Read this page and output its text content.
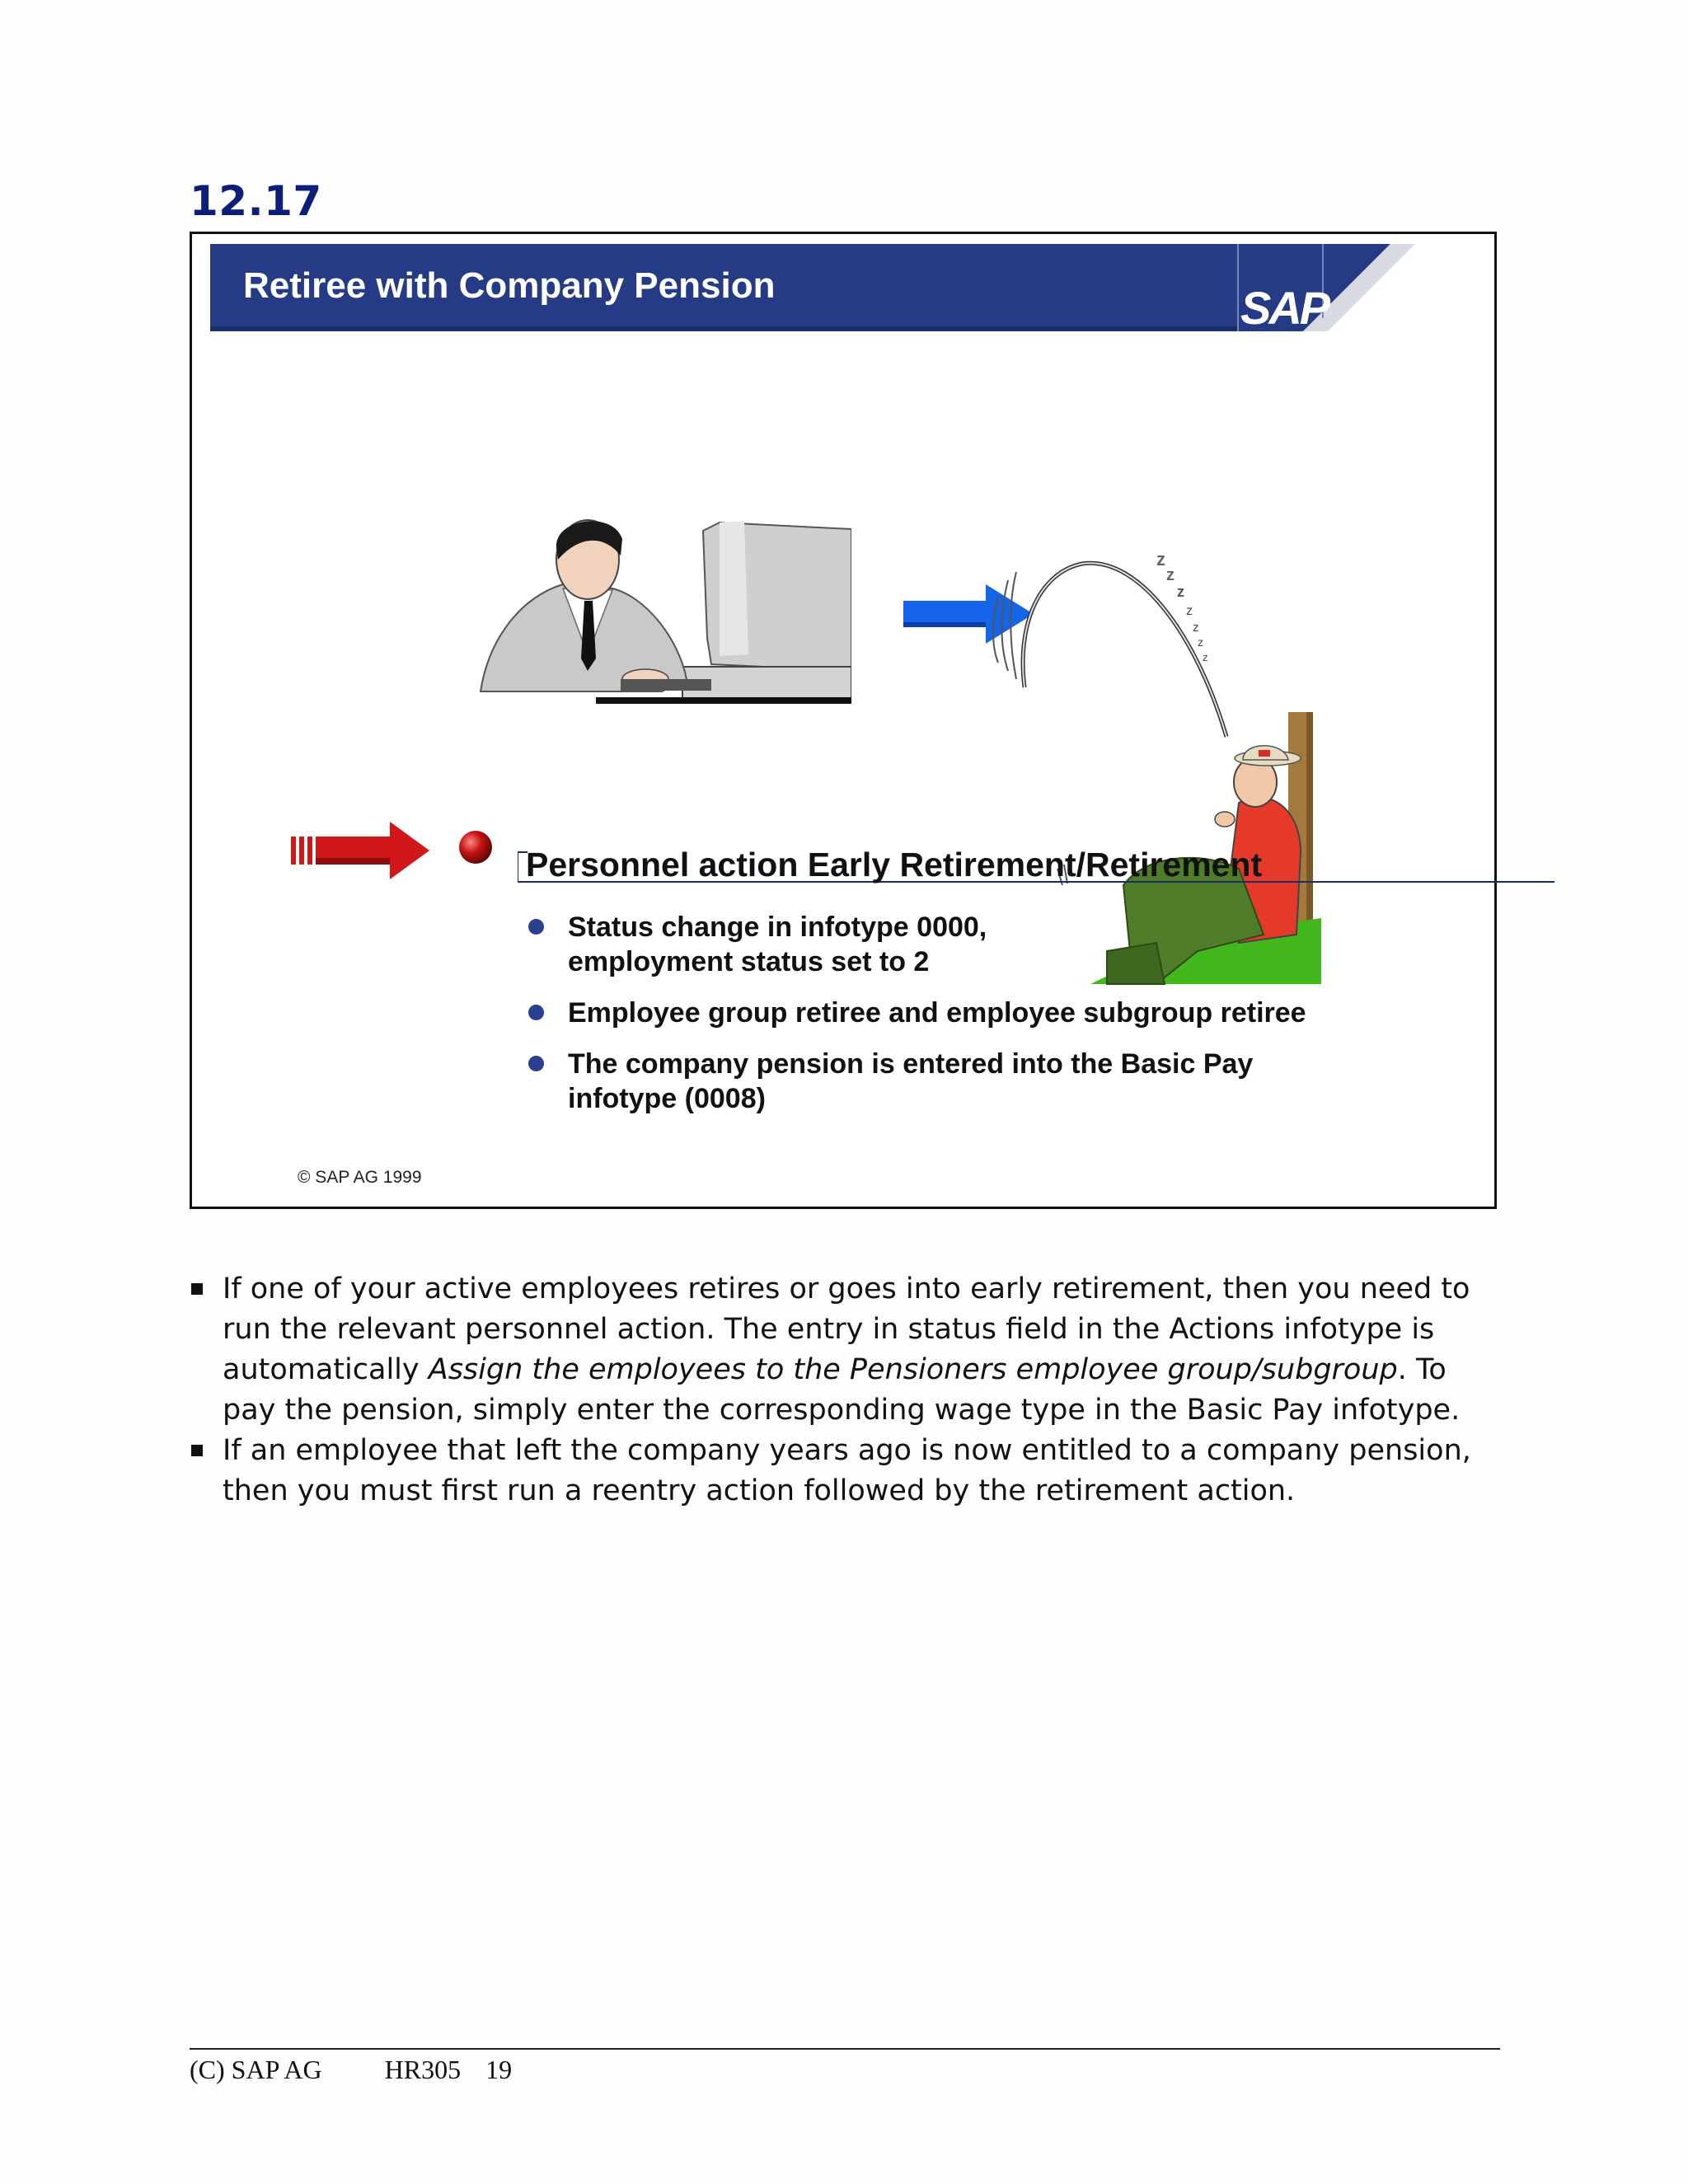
12.17
Retiree with Company Pension	SAP
z
z
z
z
z
z
z
Personnel action Early Retirement/Retirement
Status change in infotype 0000,
employment status set to 2
Employee group retiree and employee subgroup retiree
The company pension is entered into the Basic Pay
infotype (0008)
© SAP AG 1999
If one of your active employees retires or goes into early retirement, then you need to run the relevant personnel action. The entry in status field in the Actions infotype is automatically Assign the employees to the Pensioners employee group/subgroup. To pay the pension, simply enter the corresponding wage type in the Basic Pay infotype.
If an employee that left the company years ago is now entitled to a company pension, then you must first run a reentry action followed by the retirement action.
(C) SAP AG HR305 19
